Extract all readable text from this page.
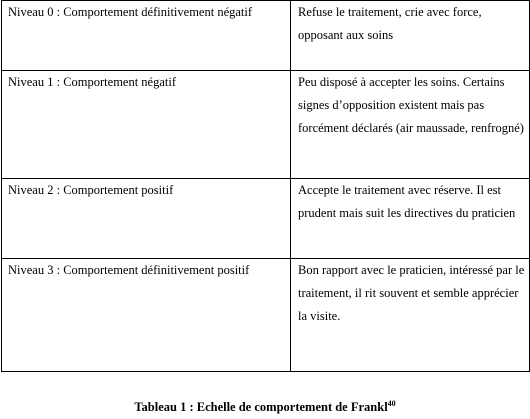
Niveau 0 : Comportement définitivement négatif	Refuse le traitement, crie avec force, opposant aux soins
Niveau 1 : Comportement négatif	Peu disposé à accepter les soins. Certains signes d’opposition existent mais pas forcément déclarés (air maussade, renfrogné)
Niveau 2 : Comportement positif	Accepte le traitement avec réserve. Il est prudent mais suit les directives du praticien
Niveau 3 : Comportement définitivement positif	Bon rapport avec le praticien, intéressé par le traitement, il rit souvent et semble apprécier la visite.
Tableau 1 : Echelle de comportement de Frankl$^{40}$
